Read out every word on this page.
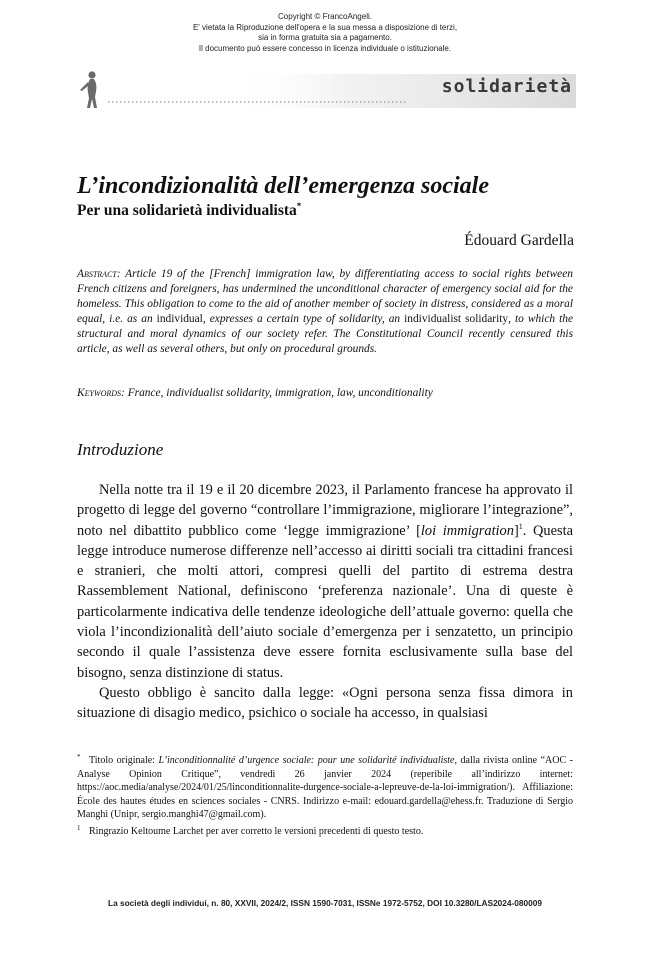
Copyright © FrancoAngeli.
E' vietata la Riproduzione dell'opera e la sua messa a disposizione di terzi,
sia in forma gratuita sia a pagamento.
Il documento può essere concesso in licenza individuale o istituzionale.
solidarietà
L’incondizionalità dell’emergenza sociale
Per una solidarietà individualista*
Édouard Gardella

Abstract: Article 19 of the [French] immigration law, by differentiating access to social rights between French citizens and foreigners, has undermined the unconditional character of emergency social aid for the homeless. This obligation to come to the aid of another member of society in distress, considered as a moral equal, i.e. as an individual, expresses a certain type of solidarity, an individualist solidarity, to which the structural and moral dynamics of our society refer. The Constitutional Council recently censured this article, as well as several others, but only on procedural grounds.

Keywords: France, individualist solidarity, immigration, law, unconditionality
Introduzione

Nella notte tra il 19 e il 20 dicembre 2023, il Parlamento francese ha approvato il progetto di legge del governo “controllare l’immigrazione, migliorare l’integrazione”, noto nel dibattito pubblico come ‘legge immigrazione’ [loi immigration]$^1$. Questa legge introduce numerose differenze nell’accesso ai diritti sociali tra cittadini francesi e stranieri, che molti attori, compresi quelli del partito di estrema destra Rassemblement National, definiscono ‘preferenza nazionale’. Una di queste è particolarmente indicativa delle tendenze ideologiche dell’attuale governo: quella che viola l’incondizionalità dell’aiuto sociale d’emergenza per i senzatetto, un principio secondo il quale l’assistenza deve essere fornita esclusivamente sulla base del bisogno, senza distinzione di status.

Questo obbligo è sancito dalla legge: «Ogni persona senza fissa dimora in situazione di disagio medico, psichico o sociale ha accesso, in qualsiasi

* Titolo originale: L’inconditionnalité d’urgence sociale: pour une solidarité individualiste, dalla rivista online “AOC - Analyse Opinion Critique”, vendredi 26 janvier 2024 (reperibile all’indirizzo internet: https://aoc.media/analyse/2024/01/25/linconditionnalite-durgence-sociale-a-lepreuve-de-la-loi-immigration/). Affiliazione: École des hautes études en sciences sociales - CNRS. Indirizzo e-mail: edouard.gardella@ehess.fr. Traduzione di Sergio Manghi (Unipr, sergio.manghi47@gmail.com).

1 Ringrazio Keltoume Larchet per aver corretto le versioni precedenti di questo testo.

La società degli individui, n. 80, XXVII, 2024/2, ISSN 1590-7031, ISSNe 1972-5752, DOI 10.3280/LAS2024-080009
